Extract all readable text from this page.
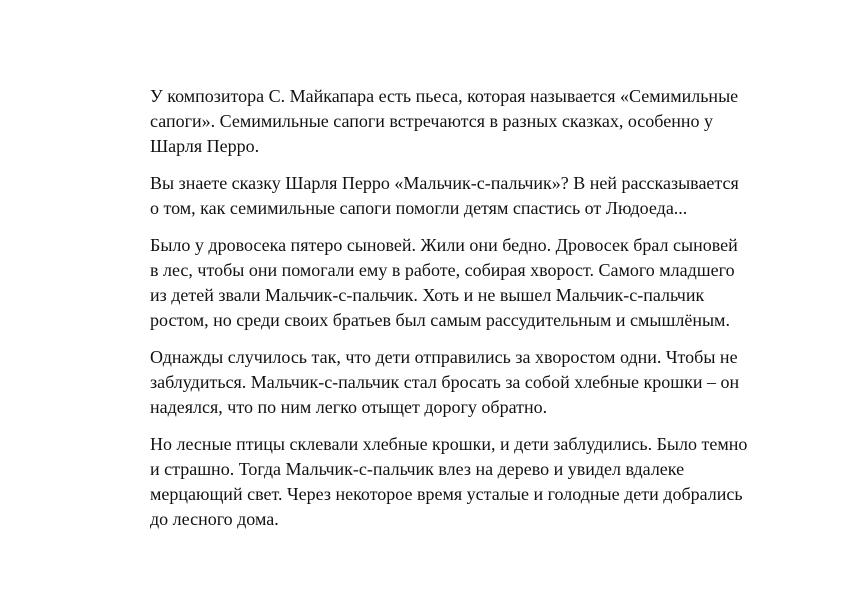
У композитора С. Майкапара есть пьеса, которая называется «Семимильные сапоги». Семимильные сапоги встречаются в разных сказках, особенно у Шарля Перро.

Вы знаете сказку Шарля Перро «Мальчик-с-пальчик»? В ней рассказывается о том, как семимильные сапоги помогли детям спастись от Людоеда...

Было у дровосека пятеро сыновей. Жили они бедно. Дровосек брал сыновей в лес, чтобы они помогали ему в работе, собирая хворост. Самого младшего из детей звали Мальчик-с-пальчик. Хоть и не вышел Мальчик-с-пальчик ростом, но среди своих братьев был самым рассудительным и смышлёным.

Однажды случилось так, что дети отправились за хворостом одни. Чтобы не заблудиться. Мальчик-с-пальчик стал бросать за собой хлебные крошки – он надеялся, что по ним легко отыщет дорогу обратно.

Но лесные птицы склевали хлебные крошки, и дети заблудились. Было темно и страшно. Тогда Мальчик-с-пальчик влез на дерево и увидел вдалеке мерцающий свет. Через некоторое время усталые и голодные дети добрались до лесного дома.
